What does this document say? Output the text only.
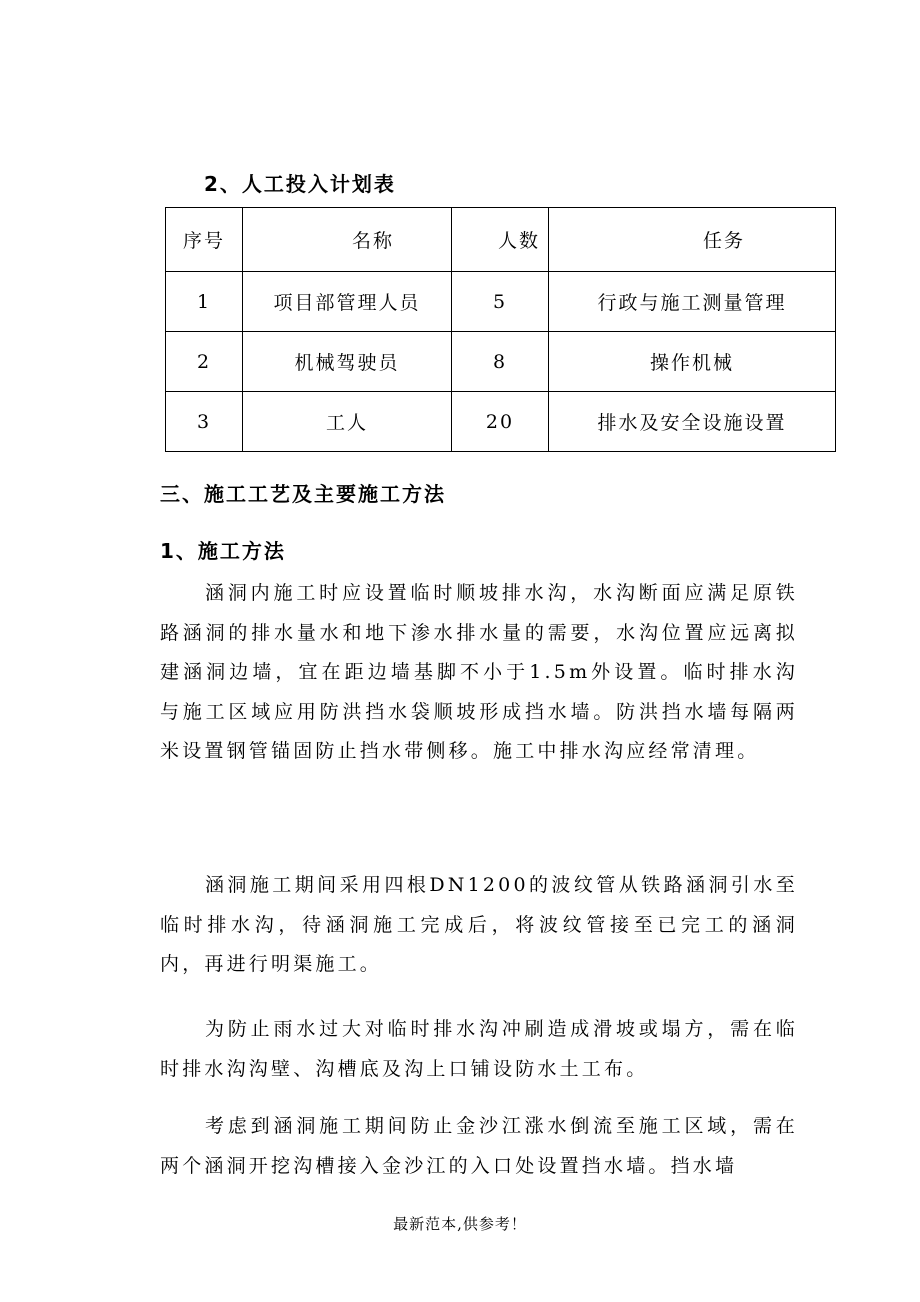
2、人工投入计划表
序号	名称	人数	任务
1	项目部管理人员	5	行政与施工测量管理
2	机械驾驶员	8	操作机械
3	工人	20	排水及安全设施设置
三、施工工艺及主要施工方法
1、施工方法

涵洞内施工时应设置临时顺坡排水沟，水沟断面应满足原铁路涵洞的排水量水和地下渗水排水量的需要，水沟位置应远离拟建涵洞边墙，宜在距边墙基脚不小于1.5m外设置。临时排水沟与施工区域应用防洪挡水袋顺坡形成挡水墙。防洪挡水墙每隔两米设置钢管锚固防止挡水带侧移。施工中排水沟应经常清理。

涵洞施工期间采用四根DN1200的波纹管从铁路涵洞引水至临时排水沟，待涵洞施工完成后，将波纹管接至已完工的涵洞内，再进行明渠施工。

为防止雨水过大对临时排水沟冲刷造成滑坡或塌方，需在临时排水沟沟壁、沟槽底及沟上口铺设防水土工布。

考虑到涵洞施工期间防止金沙江涨水倒流至施工区域，需在两个涵洞开挖沟槽接入金沙江的入口处设置挡水墙。挡水墙

最新范本,供参考！
